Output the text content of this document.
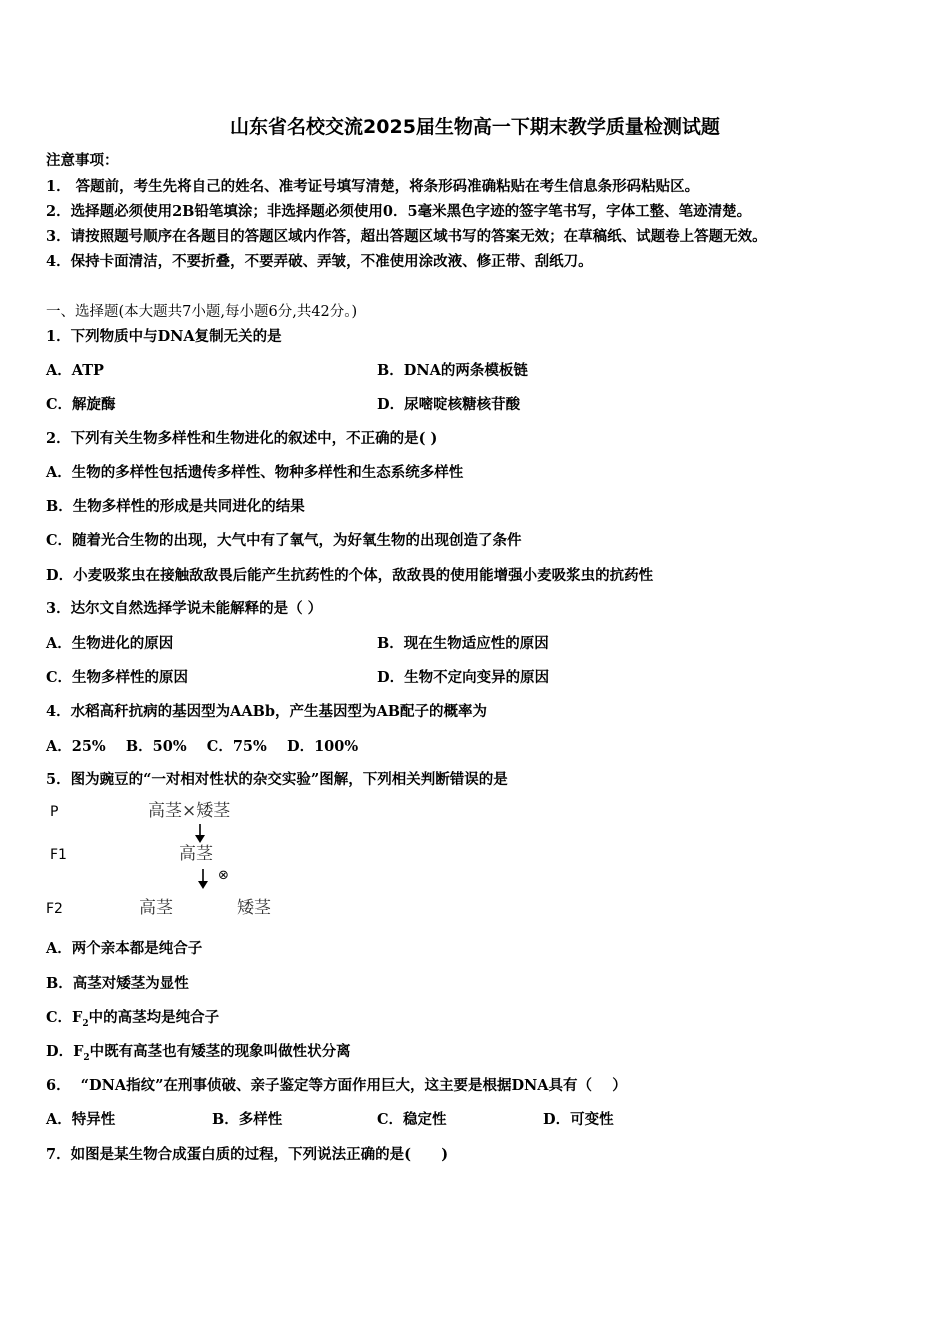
山东省名校交流2025届生物高一下期末教学质量检测试题
注意事项：
1． 答题前，考生先将自己的姓名、准考证号填写清楚，将条形码准确粘贴在考生信息条形码粘贴区。
2．选择题必须使用2B铅笔填涂；非选择题必须使用0．5毫米黑色字迹的签字笔书写，字体工整、笔迹清楚。
3．请按照题号顺序在各题目的答题区域内作答，超出答题区域书写的答案无效；在草稿纸、试题卷上答题无效。
4．保持卡面清洁，不要折叠，不要弄破、弄皱，不准使用涂改液、修正带、刮纸刀。
一、选择题(本大题共7小题,每小题6分,共42分。)
1．下列物质中与DNA复制无关的是
A．ATP	B．DNA的两条模板链
C．解旋酶	D．尿嘧啶核糖核苷酸
2．下列有关生物多样性和生物进化的叙述中，不正确的是( )
A．生物的多样性包括遗传多样性、物种多样性和生态系统多样性
B．生物多样性的形成是共同进化的结果
C．随着光合生物的出现，大气中有了氧气，为好氧生物的出现创造了条件
D．小麦吸浆虫在接触敌敌畏后能产生抗药性的个体，敌敌畏的使用能增强小麦吸浆虫的抗药性
3．达尔文自然选择学说未能解释的是（ ）
A．生物进化的原因	B．现在生物适应性的原因
C．生物多样性的原因	D．生物不定向变异的原因
4．水稻高秆抗病的基因型为AABb，产生基因型为AB配子的概率为
A．25%    B．50%    C．75%    D．100%
5．图为豌豆的“一对相对性状的杂交实验”图解，下列相关判断错误的是
P	高茎×矮茎
F1	高茎
⊗
F2	高茎	矮茎
A．两个亲本都是纯合子
B．高茎对矮茎为显性
C．$F_2$中的高茎均是纯合子
D．$F_2$中既有高茎也有矮茎的现象叫做性状分离
6．  “DNA指纹”在刑事侦破、亲子鉴定等方面作用巨大，这主要是根据DNA具有（    ）
A．特异性	B．多样性	C．稳定性	D．可变性
7．如图是某生物合成蛋白质的过程，下列说法正确的是(      )
